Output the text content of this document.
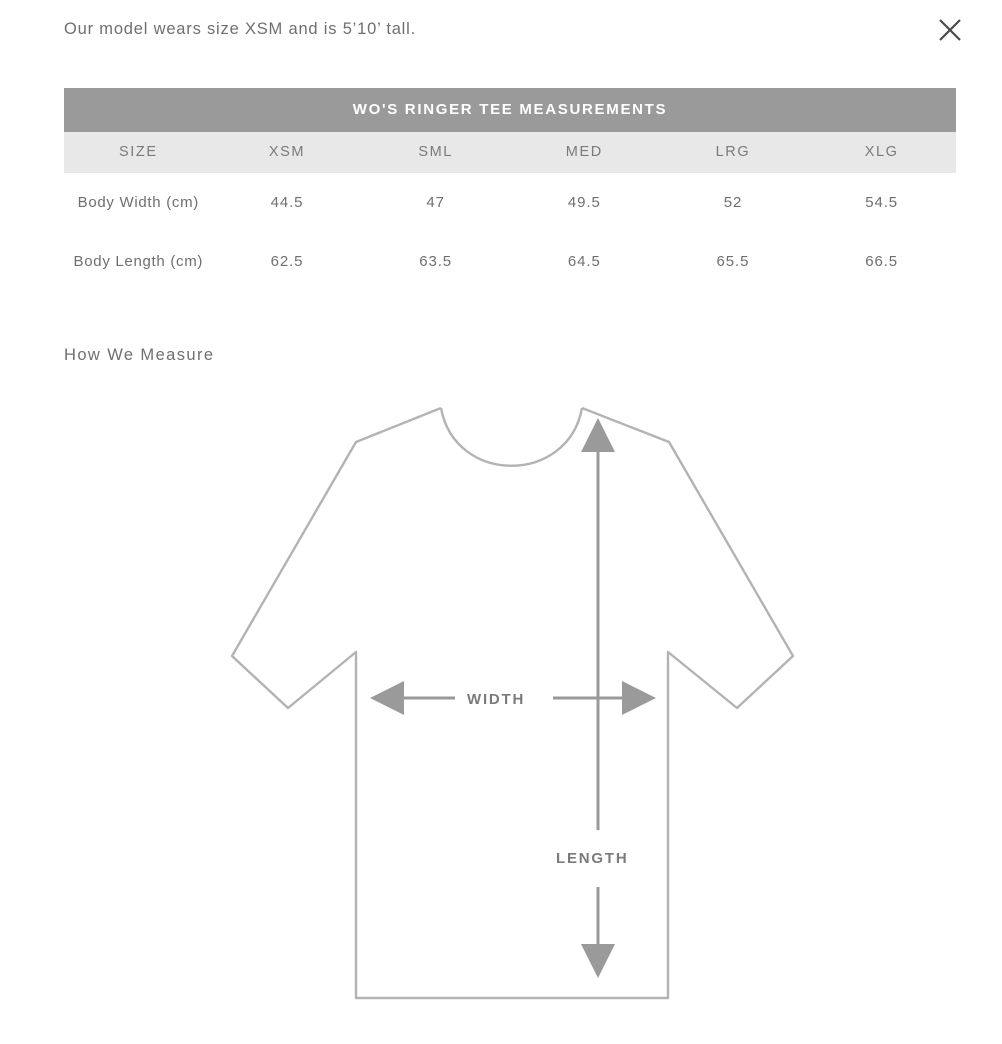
Our model wears size XSM and is 5’10’ tall.
WO'S RINGER TEE MEASUREMENTS					
SIZE	XSM	SML	MED	LRG	XLG
Body Width (cm)	44.5	47	49.5	52	54.5
Body Length (cm)	62.5	63.5	64.5	65.5	66.5
How We Measure
WIDTH
LENGTH
